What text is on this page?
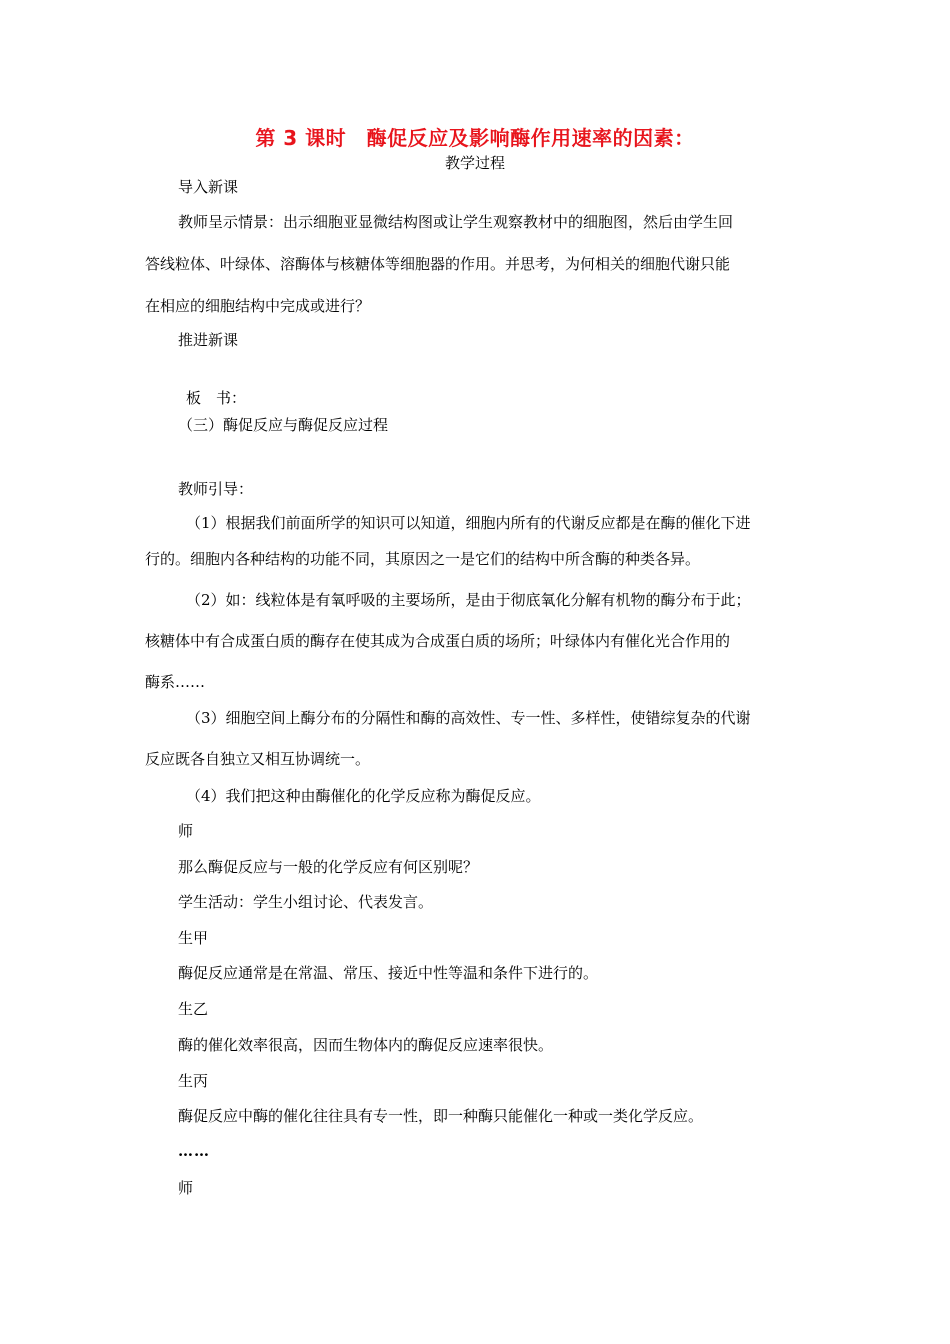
第 3 课时　酶促反应及影响酶作用速率的因素：
教学过程
导入新课
教师呈示情景：出示细胞亚显微结构图或让学生观察教材中的细胞图，然后由学生回
答线粒体、叶绿体、溶酶体与核糖体等细胞器的作用。并思考，为何相关的细胞代谢只能
在相应的细胞结构中完成或进行？
推进新课
板　书：
（三）酶促反应与酶促反应过程
教师引导：
（1）根据我们前面所学的知识可以知道，细胞内所有的代谢反应都是在酶的催化下进
行的。细胞内各种结构的功能不同，其原因之一是它们的结构中所含酶的种类各异。
（2）如：线粒体是有氧呼吸的主要场所，是由于彻底氧化分解有机物的酶分布于此；
核糖体中有合成蛋白质的酶存在使其成为合成蛋白质的场所；叶绿体内有催化光合作用的
酶系……
（3）细胞空间上酶分布的分隔性和酶的高效性、专一性、多样性，使错综复杂的代谢
反应既各自独立又相互协调统一。
（4）我们把这种由酶催化的化学反应称为酶促反应。
师
那么酶促反应与一般的化学反应有何区别呢？
学生活动：学生小组讨论、代表发言。
生甲
酶促反应通常是在常温、常压、接近中性等温和条件下进行的。
生乙
酶的催化效率很高，因而生物体内的酶促反应速率很快。
生丙
酶促反应中酶的催化往往具有专一性，即一种酶只能催化一种或一类化学反应。
……
师
